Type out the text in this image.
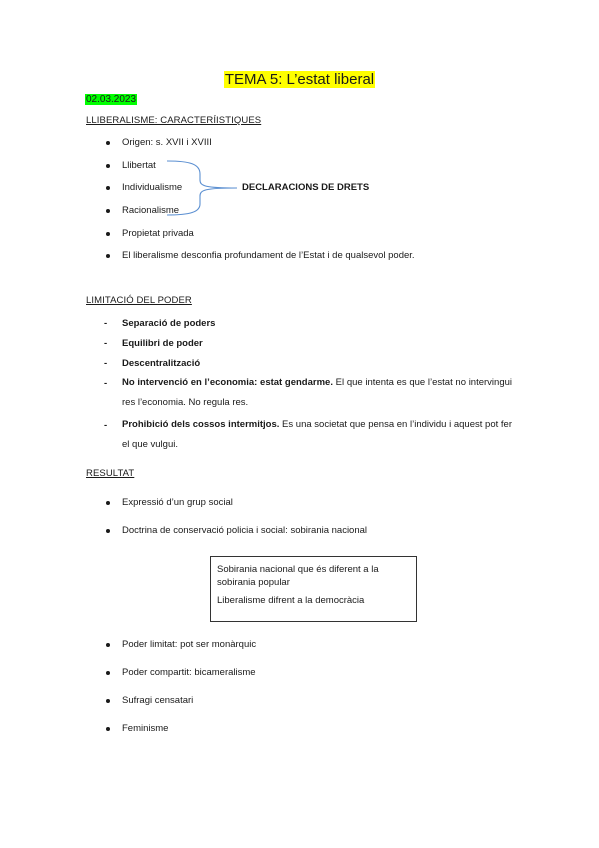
TEMA 5: L’estat liberal
02.03.2023
LLIBERALISME: CARACTERÍISTIQUES
Origen: s. XVII i XVIII
Llibertat
Individualisme
Racionalisme
Propietat privada
El liberalisme desconfia profundament de l’Estat i de qualsevol poder.
DECLARACIONS DE DRETS
LIMITACIÓ DEL PODER
- Separació de poders
- Equilibri de poder
- Descentralització
- No intervenció en l’economia: estat gendarme. El que intenta es que l’estat no intervingui res l’economia. No regula res.
- Prohibició dels cossos intermitjos. Es una societat que pensa en l’individu i aquest pot fer el que vulgui.
RESULTAT
Expressió d’un grup social
Doctrina de conservació policia i social: sobirania nacional

Sobirania nacional que és diferent a la sobirania popular

Liberalisme difrent a la democràcia

Poder limitat: pot ser monàrquic
Poder compartit: bicameralisme
Sufragi censatari
Feminisme
